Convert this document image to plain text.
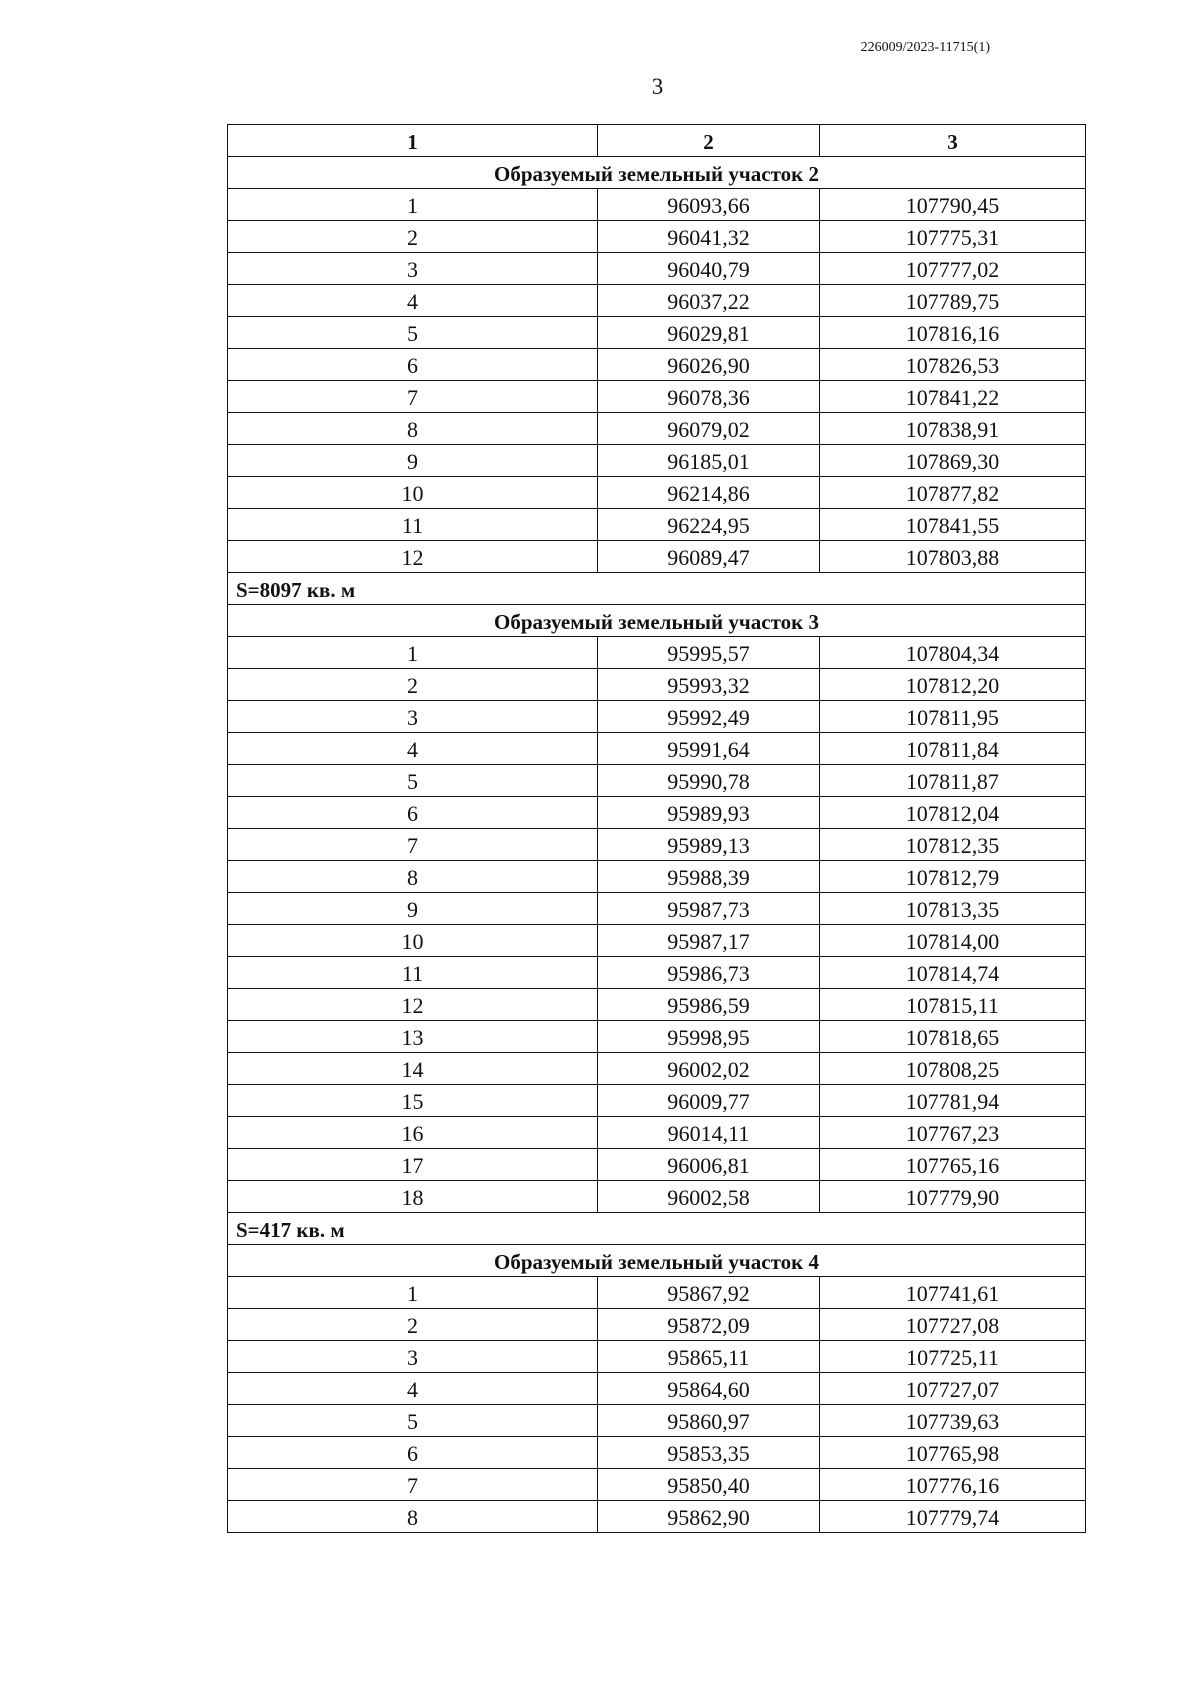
226009/2023-11715(1)
3
1	2	3
Образуемый земельный участок 2		
1	96093,66	107790,45
2	96041,32	107775,31
3	96040,79	107777,02
4	96037,22	107789,75
5	96029,81	107816,16
6	96026,90	107826,53
7	96078,36	107841,22
8	96079,02	107838,91
9	96185,01	107869,30
10	96214,86	107877,82
11	96224,95	107841,55
12	96089,47	107803,88
S=8097 кв. м		
Образуемый земельный участок 3		
1	95995,57	107804,34
2	95993,32	107812,20
3	95992,49	107811,95
4	95991,64	107811,84
5	95990,78	107811,87
6	95989,93	107812,04
7	95989,13	107812,35
8	95988,39	107812,79
9	95987,73	107813,35
10	95987,17	107814,00
11	95986,73	107814,74
12	95986,59	107815,11
13	95998,95	107818,65
14	96002,02	107808,25
15	96009,77	107781,94
16	96014,11	107767,23
17	96006,81	107765,16
18	96002,58	107779,90
S=417 кв. м		
Образуемый земельный участок 4		
1	95867,92	107741,61
2	95872,09	107727,08
3	95865,11	107725,11
4	95864,60	107727,07
5	95860,97	107739,63
6	95853,35	107765,98
7	95850,40	107776,16
8	95862,90	107779,74
